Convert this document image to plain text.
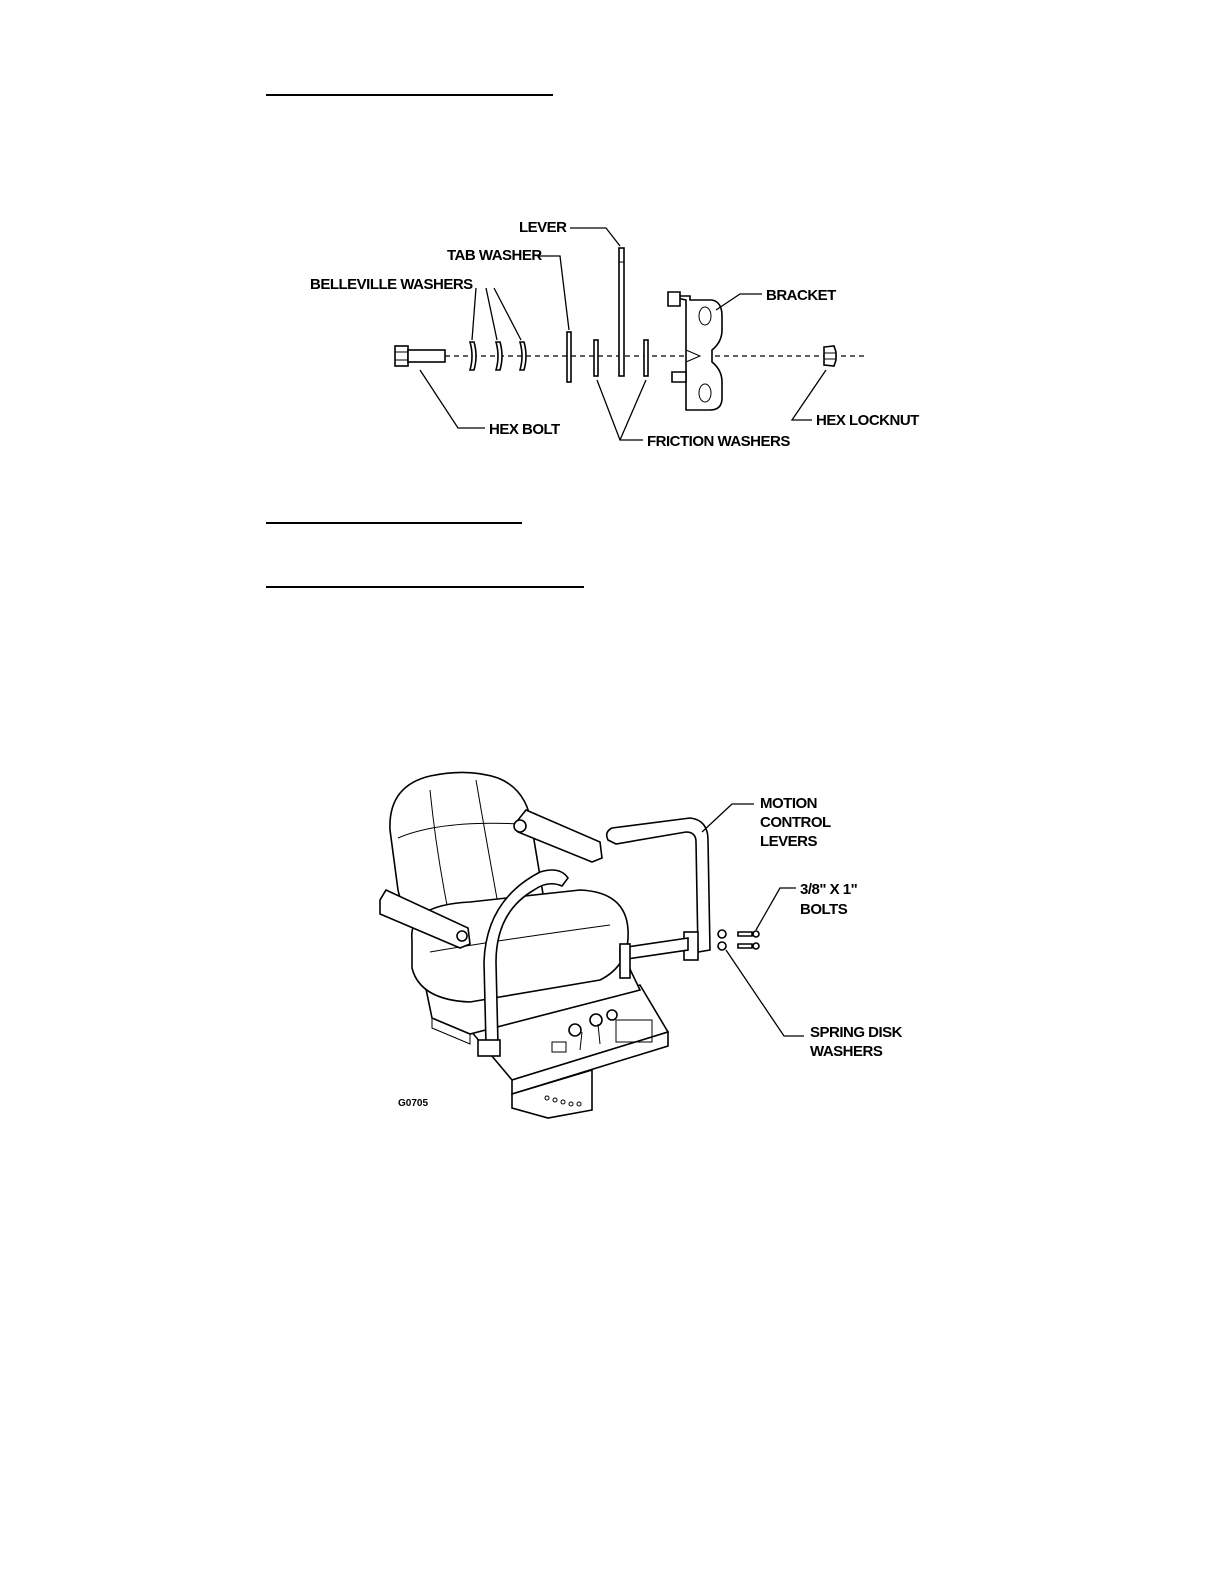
LEVER
TAB WASHER
BELLEVILLE WASHERS
BRACKET
HEX BOLT
FRICTION WASHERS
HEX LOCKNUT
MOTION
CONTROL
LEVERS
3/8" X 1"
BOLTS
SPRING DISK
WASHERS
G0705
